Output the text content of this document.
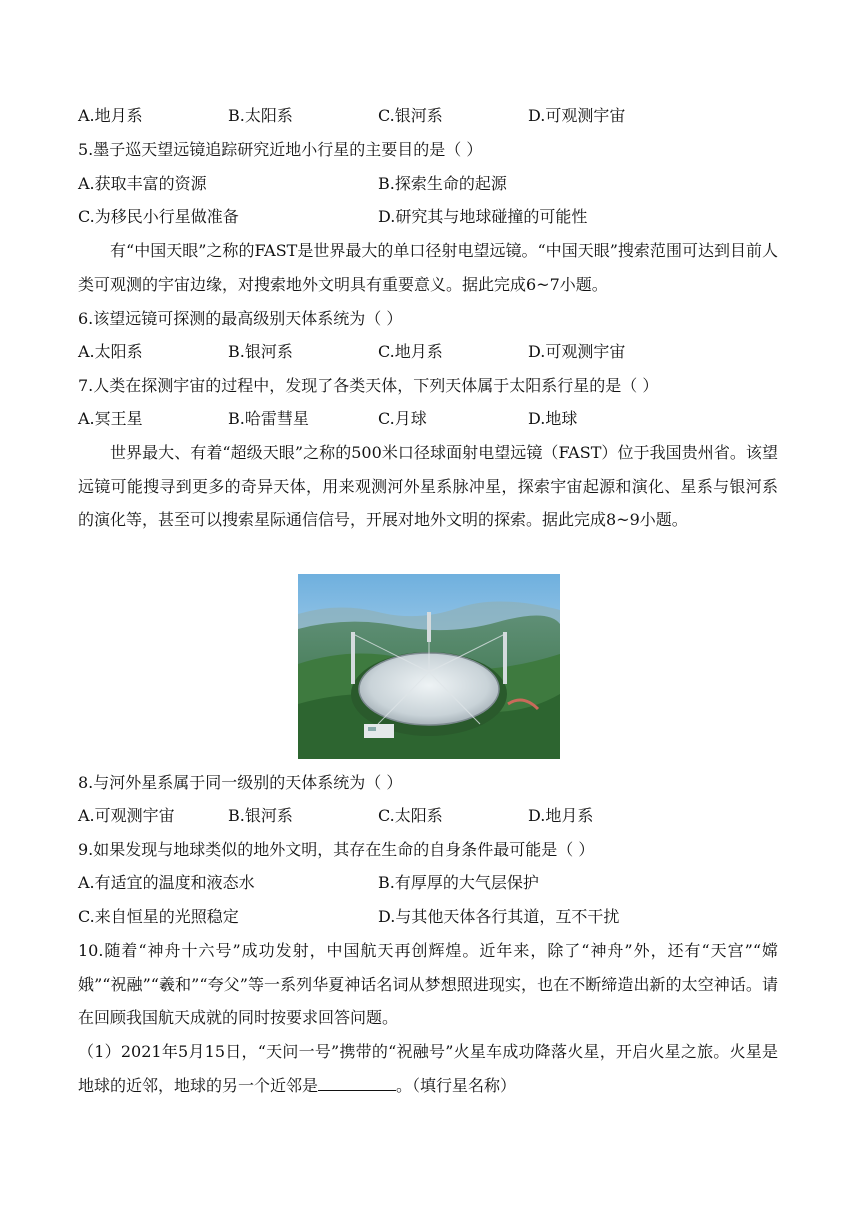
A.地月系	B.太阳系	C.银河系	D.可观测宇宙
5.墨子巡天望远镜追踪研究近地小行星的主要目的是（ ）
A.获取丰富的资源	B.探索生命的起源
C.为移民小行星做准备	D.研究其与地球碰撞的可能性
有“中国天眼”之称的FAST是世界最大的单口径射电望远镜。“中国天眼”搜索范围可达到目前人类可观测的宇宙边缘，对搜索地外文明具有重要意义。据此完成6~7小题。
6.该望远镜可探测的最高级别天体系统为（ ）
A.太阳系	B.银河系	C.地月系	D.可观测宇宙
7.人类在探测宇宙的过程中，发现了各类天体，下列天体属于太阳系行星的是（ ）
A.冥王星	B.哈雷彗星	C.月球	D.地球
世界最大、有着“超级天眼”之称的500米口径球面射电望远镜（FAST）位于我国贵州省。该望远镜可能搜寻到更多的奇异天体，用来观测河外星系脉冲星，探索宇宙起源和演化、星系与银河系的演化等，甚至可以搜索星际通信信号，开展对地外文明的探索。据此完成8~9小题。
8.与河外星系属于同一级别的天体系统为（ ）
A.可观测宇宙	B.银河系	C.太阳系	D.地月系
9.如果发现与地球类似的地外文明，其存在生命的自身条件最可能是（ ）
A.有适宜的温度和液态水	B.有厚厚的大气层保护
C.来自恒星的光照稳定	D.与其他天体各行其道，互不干扰
10.随着“神舟十六号”成功发射，中国航天再创辉煌。近年来，除了“神舟”外，还有“天宫”“嫦娥”“祝融”“羲和”“夸父”等一系列华夏神话名词从梦想照进现实，也在不断缔造出新的太空神话。请在回顾我国航天成就的同时按要求回答问题。
（1）2021年5月15日，“天问一号”携带的“祝融号”火星车成功降落火星，开启火星之旅。火星是地球的近邻，地球的另一个近邻是	。（填行星名称）
